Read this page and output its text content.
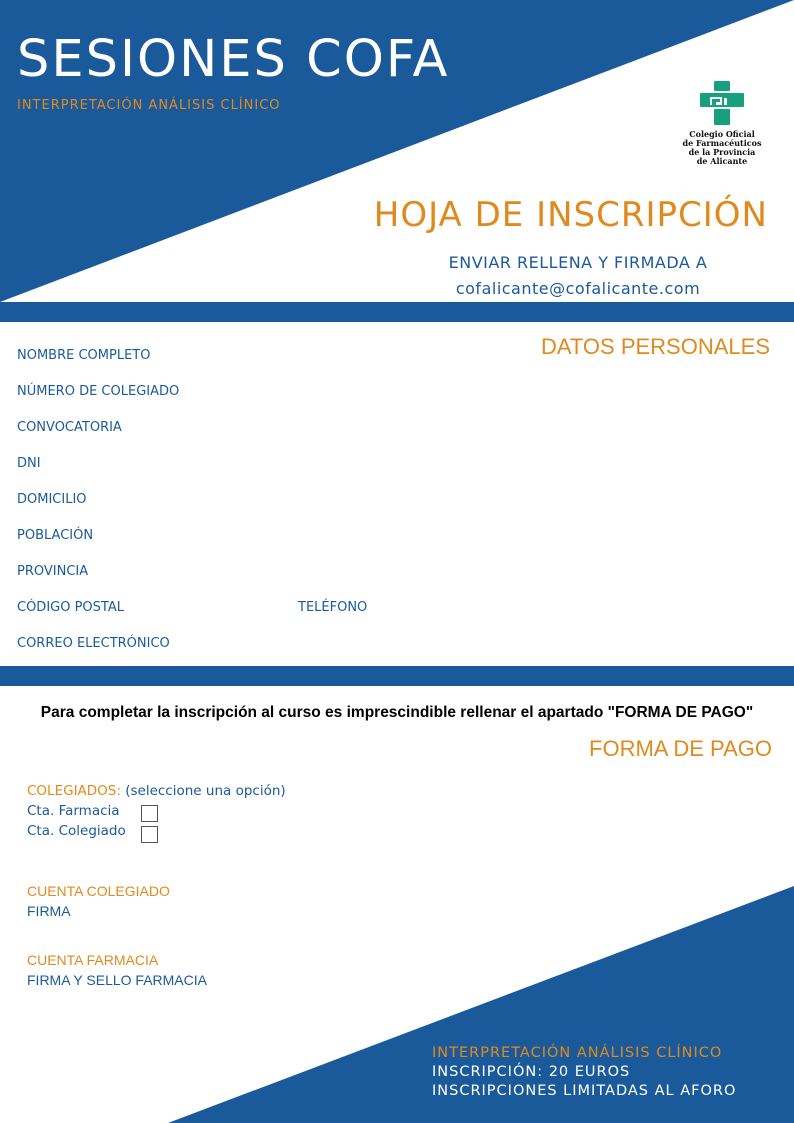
SESIONES COFA
INTERPRETACIÓN ANÁLISIS CLÍNICO
Colegio Oficial
de Farmacéuticos
de la Provincia
de Alicante
HOJA DE INSCRIPCIÓN
ENVIAR RELLENA Y FIRMADA A
cofalicante@cofalicante.com
DATOS PERSONALES
NOMBRE COMPLETO
NÚMERO DE COLEGIADO
CONVOCATORIA
DNI
DOMICILIO
POBLACIÓN
PROVINCIA
CÓDIGO POSTAL	TELÉFONO
CORREO ELECTRÓNICO
Para completar la inscripción al curso es imprescindible rellenar el apartado "FORMA DE PAGO"
FORMA DE PAGO
COLEGIADOS: (seleccione una opción)
Cta. Farmacia
Cta. Colegiado
CUENTA COLEGIADO
FIRMA
CUENTA FARMACIA
FIRMA Y SELLO FARMACIA
INTERPRETACIÓN ANÁLISIS CLÍNICO
INSCRIPCIÓN: 20 EUROS
INSCRIPCIONES LIMITADAS AL AFORO
